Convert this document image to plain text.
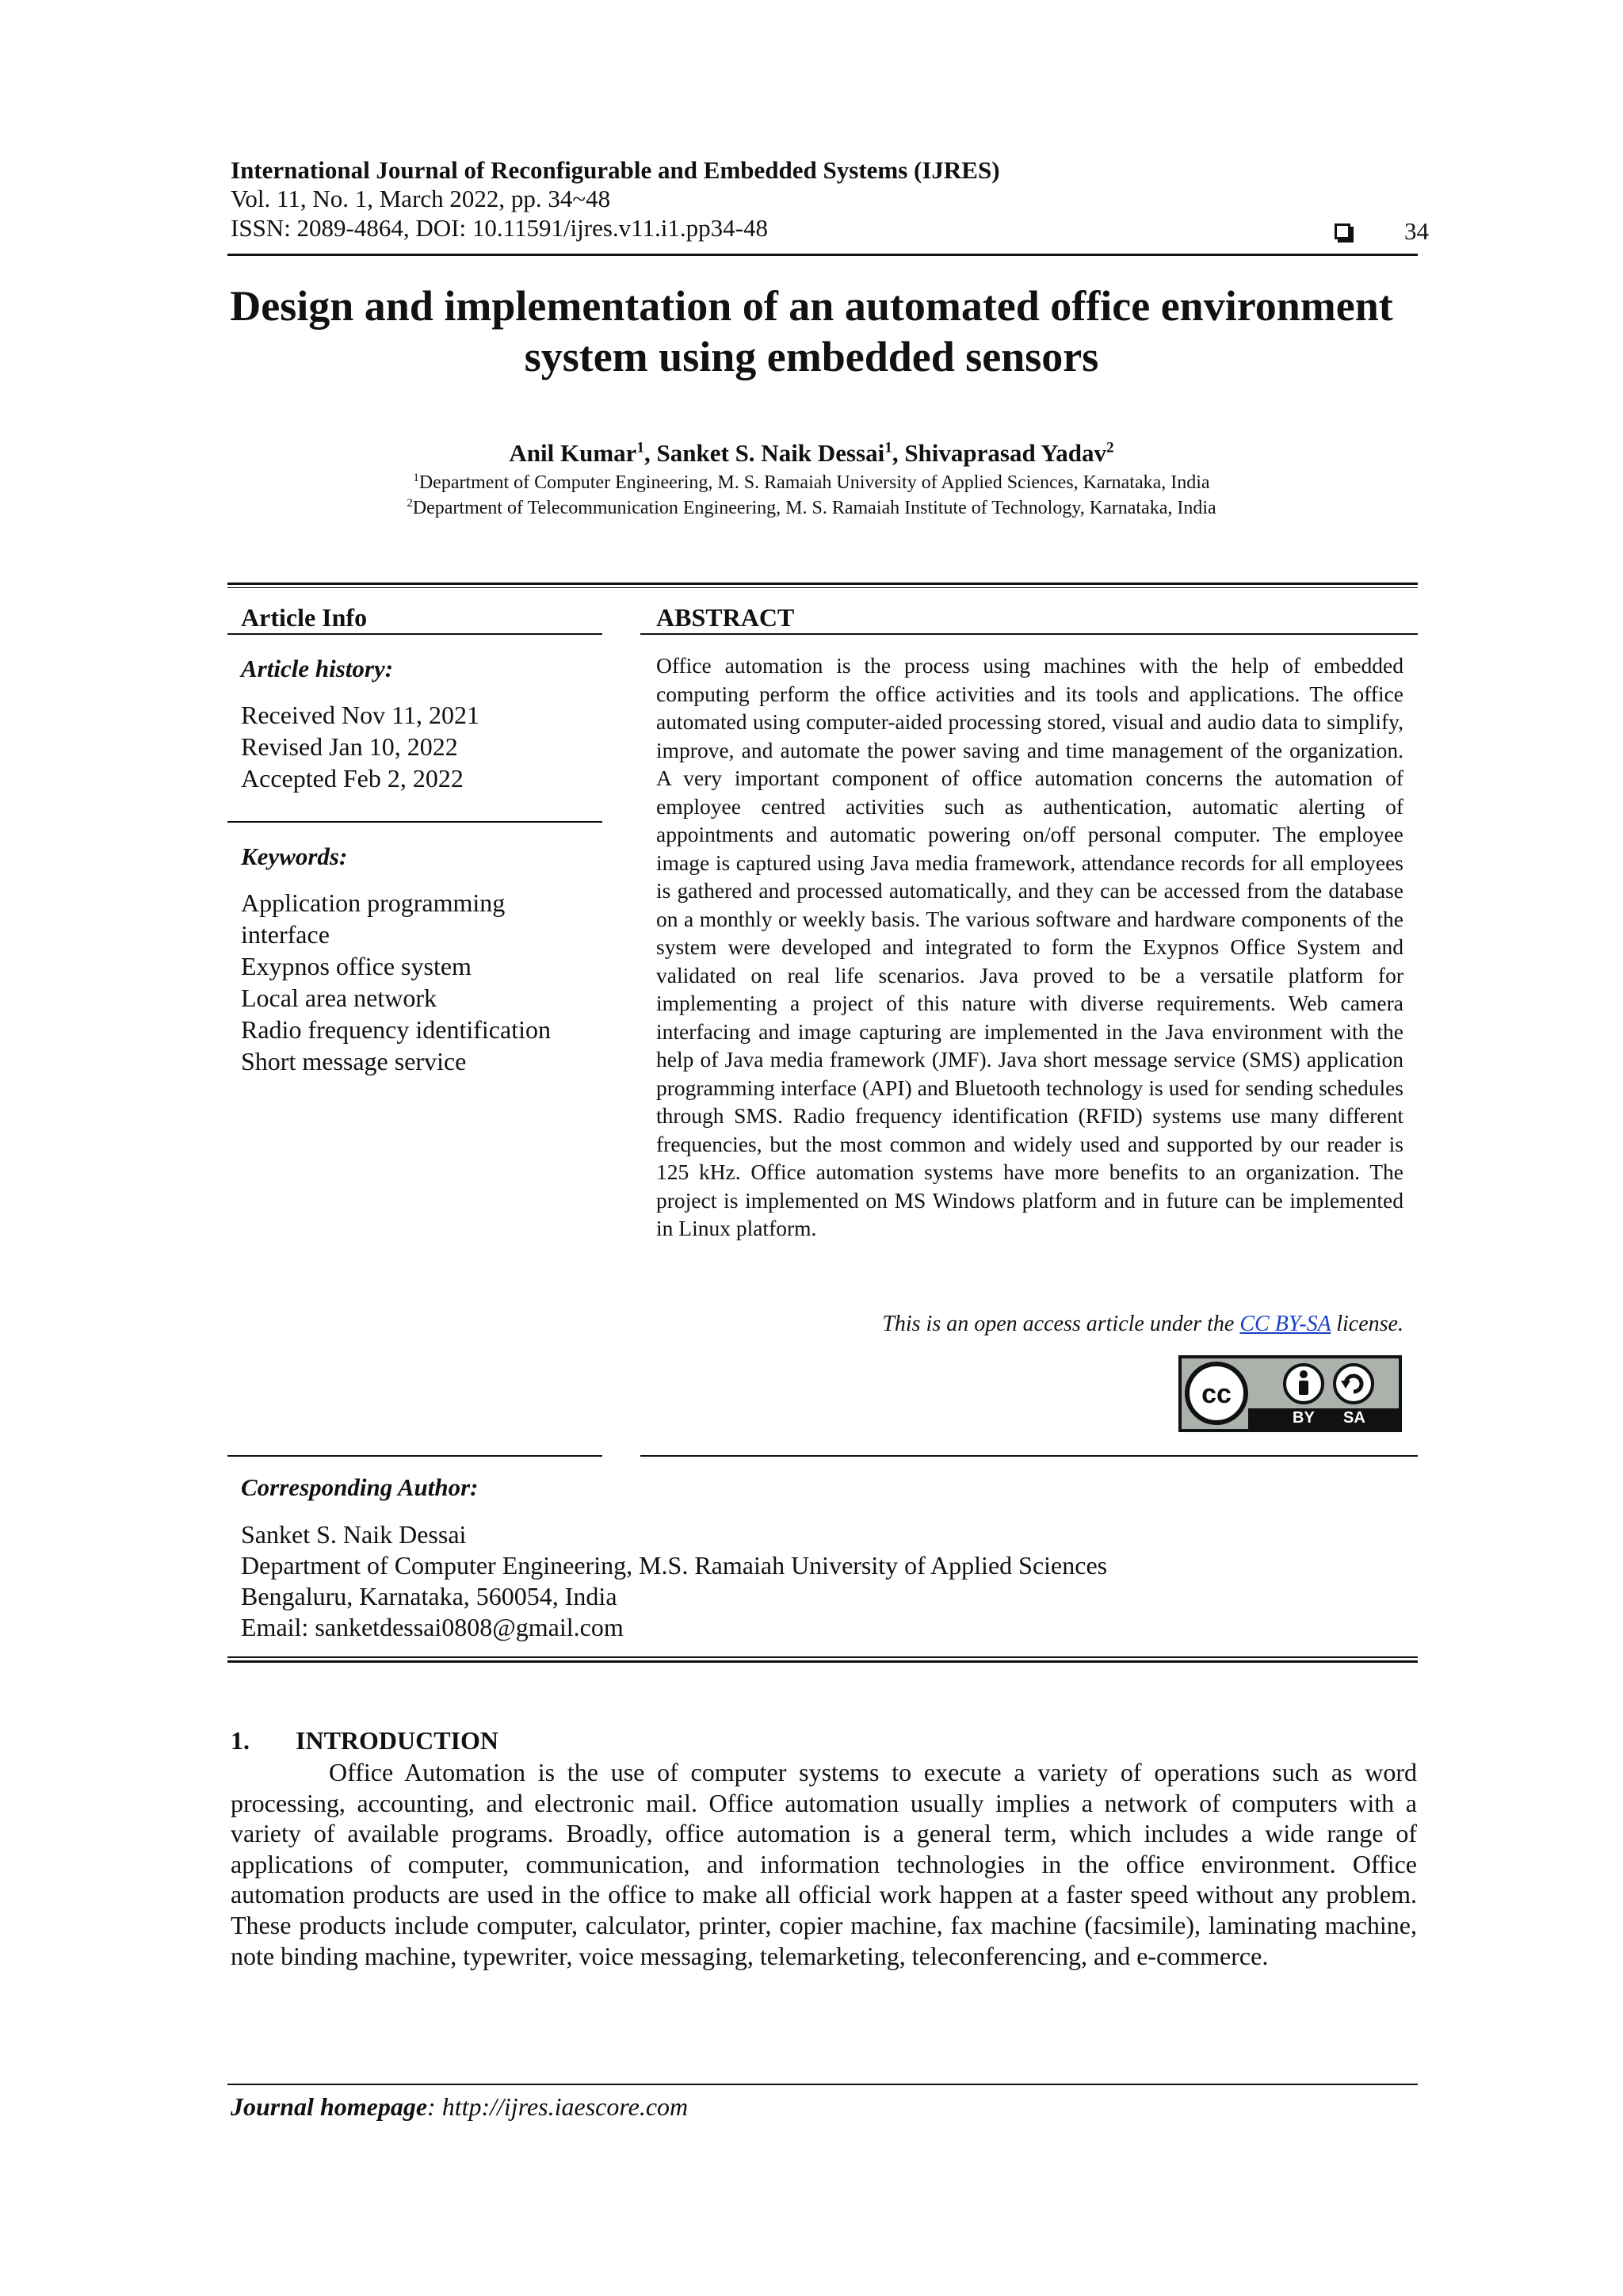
International Journal of Reconfigurable and Embedded Systems (IJRES)
Vol. 11, No. 1, March 2022, pp. 34~48
ISSN: 2089-4864, DOI: 10.11591/ijres.v11.i1.pp34-48	34
Design and implementation of an automated office environment
system using embedded sensors
Anil Kumar$^1$, Sanket S. Naik Dessai$^1$, Shivaprasad Yadav$^2$
$^1$Department of Computer Engineering, M. S. Ramaiah University of Applied Sciences, Karnataka, India
$^2$Department of Telecommunication Engineering, M. S. Ramaiah Institute of Technology, Karnataka, India
Article Info
Article history:
Received Nov 11, 2021
Revised Jan 10, 2022
Accepted Feb 2, 2022
Keywords:
Application programming
interface
Exypnos office system
Local area network
Radio frequency identification
Short message service
ABSTRACT
Office automation is the process using machines with the help of embedded computing perform the office activities and its tools and applications. The office automated using computer-aided processing stored, visual and audio data to simplify, improve, and automate the power saving and time management of the organization. A very important component of office automation concerns the automation of employee centred activities such as authentication, automatic alerting of appointments and automatic powering on/off personal computer. The employee image is captured using Java media framework, attendance records for all employees is gathered and processed automatically, and they can be accessed from the database on a monthly or weekly basis. The various software and hardware components of the system were developed and integrated to form the Exypnos Office System and validated on real life scenarios. Java proved to be a versatile platform for implementing a project of this nature with diverse requirements. Web camera interfacing and image capturing are implemented in the Java environment with the help of Java media framework (JMF). Java short message service (SMS) application programming interface (API) and Bluetooth technology is used for sending schedules through SMS. Radio frequency identification (RFID) systems use many different frequencies, but the most common and widely used and supported by our reader is 125 kHz. Office automation systems have more benefits to an organization. The project is implemented on MS Windows platform and in future can be implemented in Linux platform.
This is an open access article under the CC BY-SA license.
cc
BY SA
Corresponding Author:
Sanket S. Naik Dessai
Department of Computer Engineering, M.S. Ramaiah University of Applied Sciences
Bengaluru, Karnataka, 560054, India
Email: sanketdessai0808@gmail.com
1. INTRODUCTION
Office Automation is the use of computer systems to execute a variety of operations such as word processing, accounting, and electronic mail. Office automation usually implies a network of computers with a variety of available programs. Broadly, office automation is a general term, which includes a wide range of applications of computer, communication, and information technologies in the office environment. Office automation products are used in the office to make all official work happen at a faster speed without any problem. These products include computer, calculator, printer, copier machine, fax machine (facsimile), laminating machine, note binding machine, typewriter, voice messaging, telemarketing, teleconferencing, and e-commerce.
Journal homepage: http://ijres.iaescore.com
